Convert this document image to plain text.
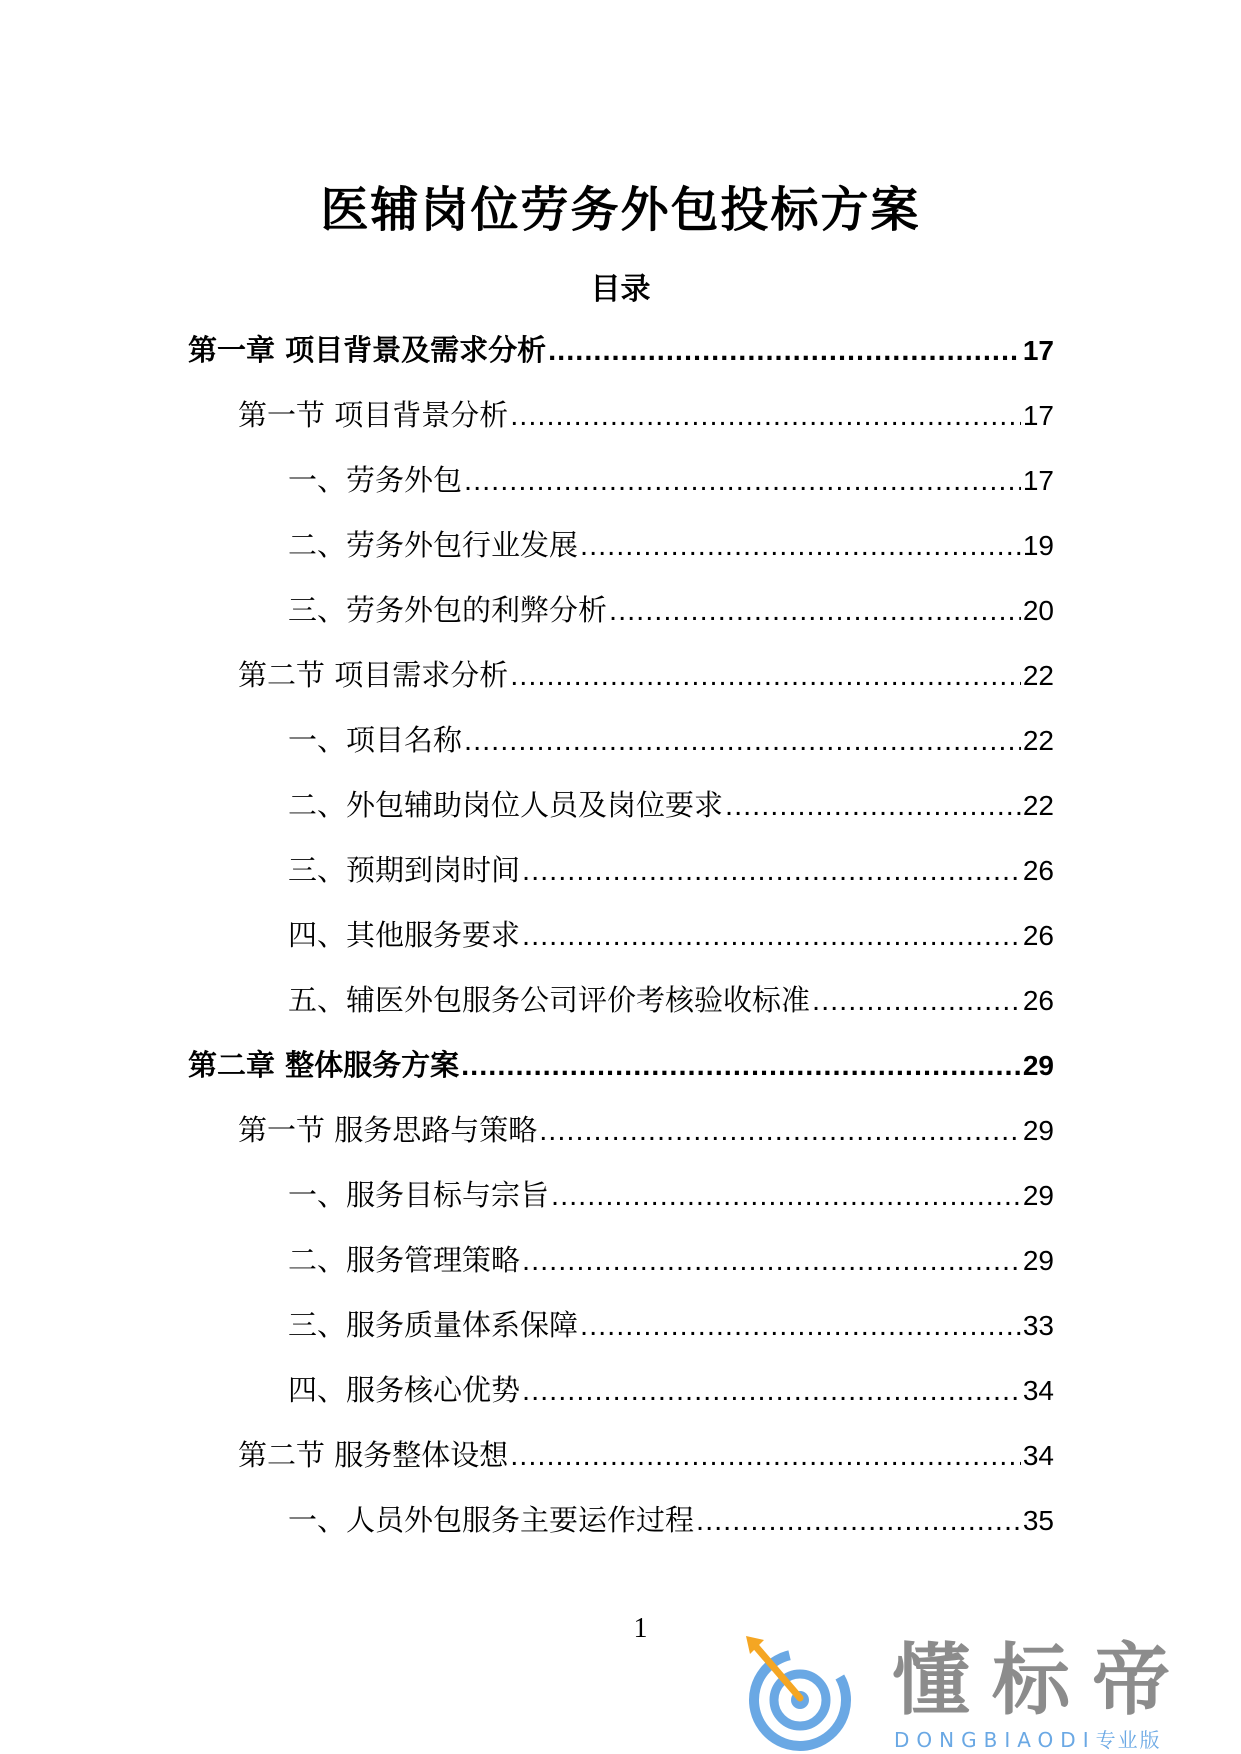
医辅岗位劳务外包投标方案
目录
第一章 项目背景及需求分析 .....	17
第一节 项目背景分析 .....	17
一、劳务外包 .....	17
二、劳务外包行业发展 .....	19
三、劳务外包的利弊分析 .....	20
第二节 项目需求分析 .....	22
一、项目名称 .....	22
二、外包辅助岗位人员及岗位要求 .....	22
三、预期到岗时间 .....	26
四、其他服务要求 .....	26
五、辅医外包服务公司评价考核验收标准 .....	26
第二章 整体服务方案 .....	29
第一节 服务思路与策略 .....	29
一、服务目标与宗旨 .....	29
二、服务管理策略 .....	29
三、服务质量体系保障 .....	33
四、服务核心优势 .....	34
第二节 服务整体设想 .....	34
一、人员外包服务主要运作过程 .....	35
1
懂标帝
DONGBIAODI专业版
